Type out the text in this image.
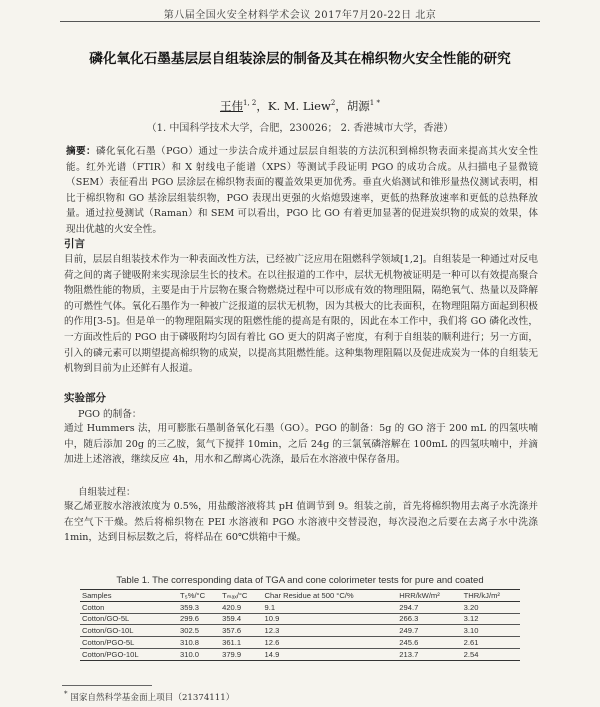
第八届全国火安全材料学术会议 2017年7月20-22日 北京
磷化氧化石墨基层层自组装涂层的制备及其在棉织物火安全性能的研究
王伟$^{1, 2}$，K. M. Liew$^2$，胡源$^{1 *}$
（1. 中国科学技术大学，合肥，230026； 2. 香港城市大学，香港）
摘要：磷化氧化石墨（PGO）通过一步法合成并通过层层自组装的方法沉积到棉织物表面来提高其火安全性能。红外光谱（FTIR）和 X 射线电子能谱（XPS）等测试手段证明 PGO 的成功合成。从扫描电子显微镜（SEM）表征看出 PGO 层涂层在棉织物表面的覆盖效果更加优秀。垂直火焰测试和锥形量热仪测试表明，相比于棉织物和 GO 基涂层组装织物，PGO 表现出更强的火焰熄毁速率，更低的热释放速率和更低的总热释放量。通过拉曼测试（Raman）和 SEM 可以看出，PGO 比 GO 有着更加显著的促进炭织物的成炭的效果，体现出优越的火安全性。
引言
目前，层层自组装技术作为一种表面改性方法，已经被广泛应用在阻燃科学领域[1,2]。自组装是一种通过对反电荷之间的离子键吸附来实现涂层生长的技术。在以往报道的工作中，层状无机物被证明是一种可以有效提高聚合物阻燃性能的物质，主要是由于片层物在聚合物燃烧过程中可以形成有效的物理阻隔，隔绝氧气、热量以及降解的可燃性气体。氧化石墨作为一种被广泛报道的层状无机物，因为其极大的比表面积，在物理阻隔方面起到积极的作用[3-5]。但是单一的物理阻隔实现的阻燃性能的提高是有限的，因此在本工作中，我们将 GO 磷化改性，一方面改性后的 PGO 由于磷吸附均匀固有着比 GO 更大的阴离子密度，有利于自组装的顺利进行；另一方面，引入的磷元素可以期望提高棉织物的成炭，以提高其阻燃性能。这种集物理阻隔以及促进成炭为一体的自组装无机物到目前为止还鲜有人报道。
实验部分
PGO 的制备：
通过 Hummers 法，用可膨胀石墨制备氧化石墨（GO）。PGO 的制备：5g 的 GO 溶于 200 mL 的四氢呋喃中，随后添加 20g 的三乙胺，氮气下搅拌 10min，之后 24g 的三氯氧磷溶解在 100mL 的四氢呋喃中，并滴加进上述溶液，继续反应 4h，用水和乙醇离心洗涤，最后在水溶液中保存备用。
自组装过程：
聚乙烯亚胺水溶液浓度为 0.5%，用盐酸溶液将其 pH 值调节到 9。组装之前，首先将棉织物用去离子水洗涤并在空气下干燥。然后将棉织物在 PEI 水溶液和 PGO 水溶液中交替浸泡，每次浸泡之后要在去离子水中洗涤 1min，达到目标层数之后，将样品在 60℃烘箱中干燥。
Table 1. The corresponding data of TGA and cone colorimeter tests for pure and coated
Samples	T₅%/°C	Tₘₐₓ/°C	Char Residue at 500 °C/%	HRR/kW/m²	THR/kJ/m²
Cotton	359.3	420.9	9.1	294.7	3.20
Cotton/GO-5L	299.6	359.4	10.9	266.3	3.12
Cotton/GO-10L	302.5	357.6	12.3	249.7	3.10
Cotton/PGO-5L	310.8	361.1	12.6	245.6	2.61
Cotton/PGO-10L	310.0	379.9	14.9	213.7	2.54
* 国家自然科学基金面上项目（21374111）
